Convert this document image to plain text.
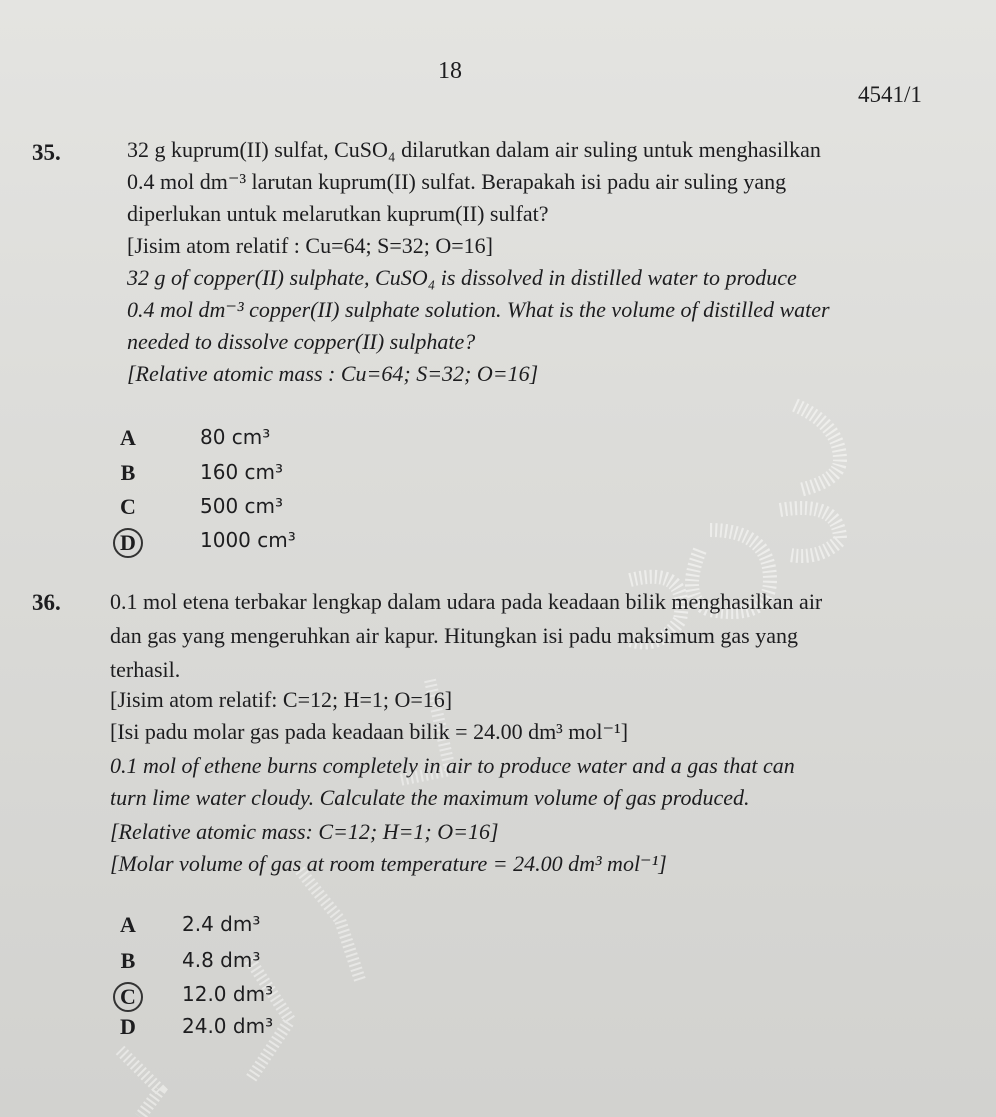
18
4541/1
35.	32 g kuprum(II) sulfat, CuSO₄ dilarutkan dalam air suling untuk menghasilkan
0.4 mol dm⁻³ larutan kuprum(II) sulfat. Berapakah isi padu air suling yang
diperlukan untuk melarutkan kuprum(II) sulfat?
[Jisim atom relatif : Cu=64; S=32; O=16]
32 g of copper(II) sulphate, CuSO₄ is dissolved in distilled water to produce
0.4 mol dm⁻³ copper(II) sulphate solution. What is the volume of distilled water
needed to dissolve copper(II) sulphate?
[Relative atomic mass : Cu=64; S=32; O=16]
A	80 cm³
B	160 cm³
C	500 cm³
D	1000 cm³
36. 0.1 mol etena terbakar lengkap dalam udara pada keadaan bilik menghasilkan air
dan gas yang mengeruhkan air kapur. Hitungkan isi padu maksimum gas yang
terhasil.
[Jisim atom relatif: C=12; H=1; O=16]
[Isi padu molar gas pada keadaan bilik = 24.00 dm³ mol⁻¹]
0.1 mol of ethene burns completely in air to produce water and a gas that can
turn lime water cloudy. Calculate the maximum volume of gas produced.
[Relative atomic mass: C=12; H=1; O=16]
[Molar volume of gas at room temperature = 24.00 dm³ mol⁻¹]
A 2.4 dm³
B 4.8 dm³
C 12.0 dm³
D 24.0 dm³
